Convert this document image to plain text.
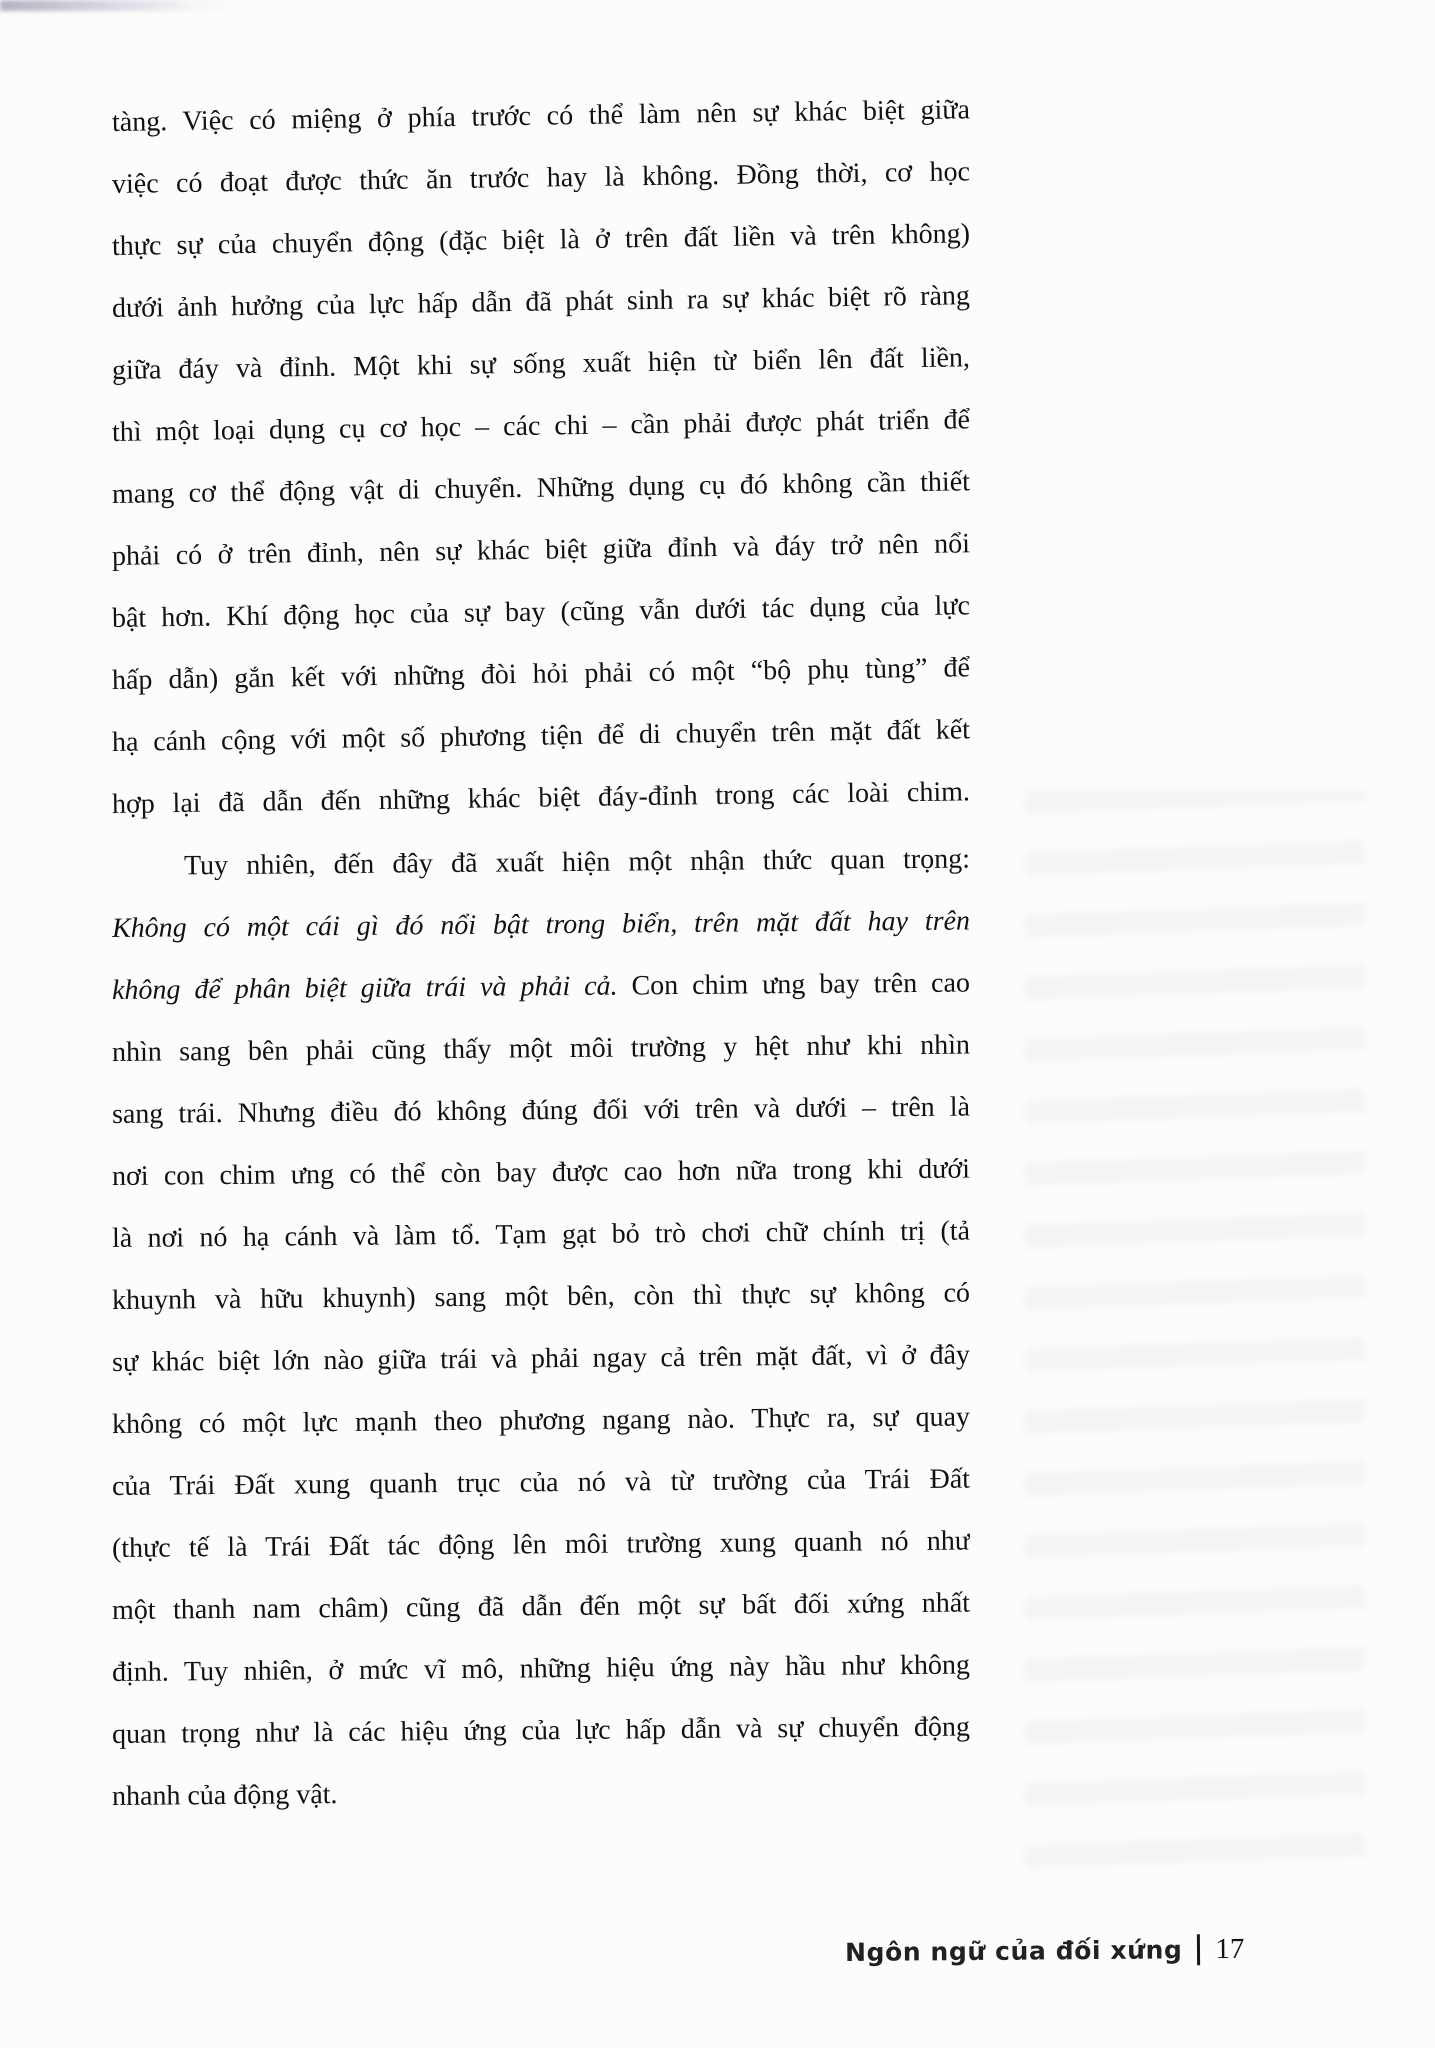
tàng. Việc có miệng ở phía trước có thể làm nên sự khác biệt giữa
việc có đoạt được thức ăn trước hay là không. Đồng thời, cơ học
thực sự của chuyển động (đặc biệt là ở trên đất liền và trên không)
dưới ảnh hưởng của lực hấp dẫn đã phát sinh ra sự khác biệt rõ ràng
giữa đáy và đỉnh. Một khi sự sống xuất hiện từ biển lên đất liền,
thì một loại dụng cụ cơ học – các chi – cần phải được phát triển để
mang cơ thể động vật di chuyển. Những dụng cụ đó không cần thiết
phải có ở trên đỉnh, nên sự khác biệt giữa đỉnh và đáy trở nên nổi
bật hơn. Khí động học của sự bay (cũng vẫn dưới tác dụng của lực
hấp dẫn) gắn kết với những đòi hỏi phải có một “bộ phụ tùng” để
hạ cánh cộng với một số phương tiện để di chuyển trên mặt đất kết
hợp lại đã dẫn đến những khác biệt đáy-đỉnh trong các loài chim.
Tuy nhiên, đến đây đã xuất hiện một nhận thức quan trọng:
Không có một cái gì đó nổi bật trong biển, trên mặt đất hay trên
không để phân biệt giữa trái và phải cả. Con chim ưng bay trên cao
nhìn sang bên phải cũng thấy một môi trường y hệt như khi nhìn
sang trái. Nhưng điều đó không đúng đối với trên và dưới – trên là
nơi con chim ưng có thể còn bay được cao hơn nữa trong khi dưới
là nơi nó hạ cánh và làm tổ. Tạm gạt bỏ trò chơi chữ chính trị (tả
khuynh và hữu khuynh) sang một bên, còn thì thực sự không có
sự khác biệt lớn nào giữa trái và phải ngay cả trên mặt đất, vì ở đây
không có một lực mạnh theo phương ngang nào. Thực ra, sự quay
của Trái Đất xung quanh trục của nó và từ trường của Trái Đất
(thực tế là Trái Đất tác động lên môi trường xung quanh nó như
một thanh nam châm) cũng đã dẫn đến một sự bất đối xứng nhất
định. Tuy nhiên, ở mức vĩ mô, những hiệu ứng này hầu như không
quan trọng như là các hiệu ứng của lực hấp dẫn và sự chuyển động
nhanh của động vật.
Ngôn ngữ của đối xứng 17
